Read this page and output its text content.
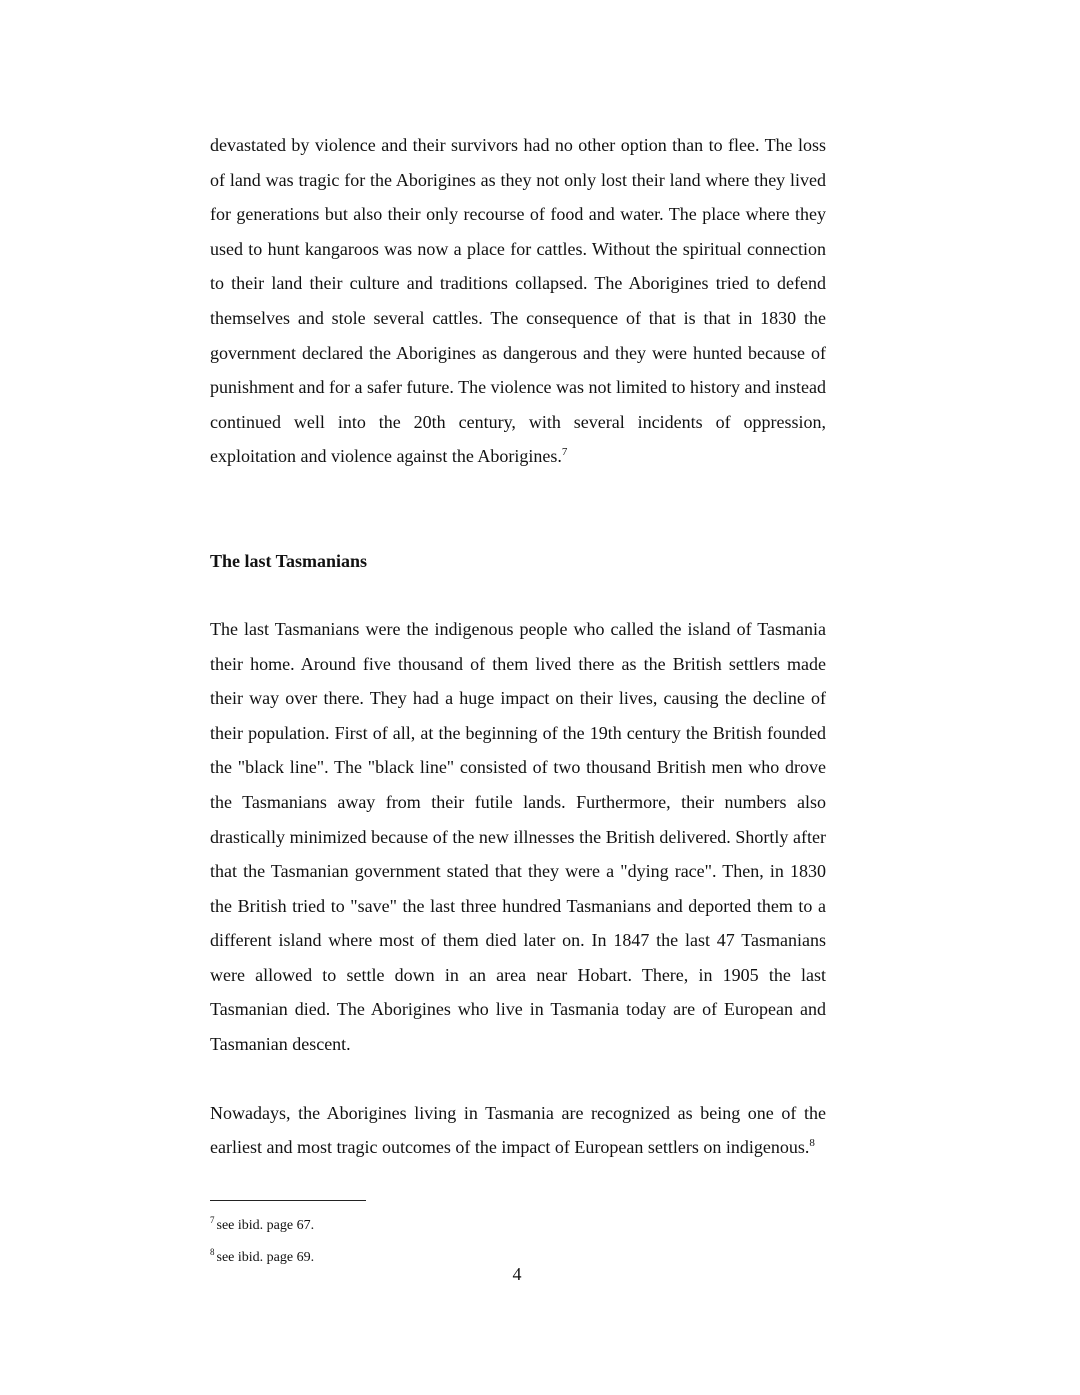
devastated by violence and their survivors had no other option than to flee. The loss of land was tragic for the Aborigines as they not only lost their land where they lived for generations but also their only recourse of food and water. The place where they used to hunt kangaroos was now a place for cattles. Without the spiritual connection to their land their culture and traditions collapsed. The Aborigines tried to defend themselves and stole several cattles. The consequence of that is that in 1830 the government declared the Aborigines as dangerous and they were hunted because of punishment and for a safer future. The violence was not limited to history and instead continued well into the 20th century, with several incidents of oppression, exploitation and violence against the Aborigines.$^7$

The last Tasmanians

The last Tasmanians were the indigenous people who called the island of Tasmania their home. Around five thousand of them lived there as the British settlers made their way over there. They had a huge impact on their lives, causing the decline of their population. First of all, at the beginning of the 19th century the British founded the "black line". The "black line" consisted of two thousand British men who drove the Tasmanians away from their futile lands. Furthermore, their numbers also drastically minimized because of the new illnesses the British delivered. Shortly after that the Tasmanian government stated that they were a "dying race". Then, in 1830 the British tried to "save" the last three hundred Tasmanians and deported them to a different island where most of them died later on. In 1847 the last 47 Tasmanians were allowed to settle down in an area near Hobart. There, in 1905 the last Tasmanian died. The Aborigines who live in Tasmania today are of European and Tasmanian descent.

Nowadays, the Aborigines living in Tasmania are recognized as being one of the earliest and most tragic outcomes of the impact of European settlers on indigenous.$^8$

$^7$ see ibid. page 67.

$^8$ see ibid. page 69.

4
